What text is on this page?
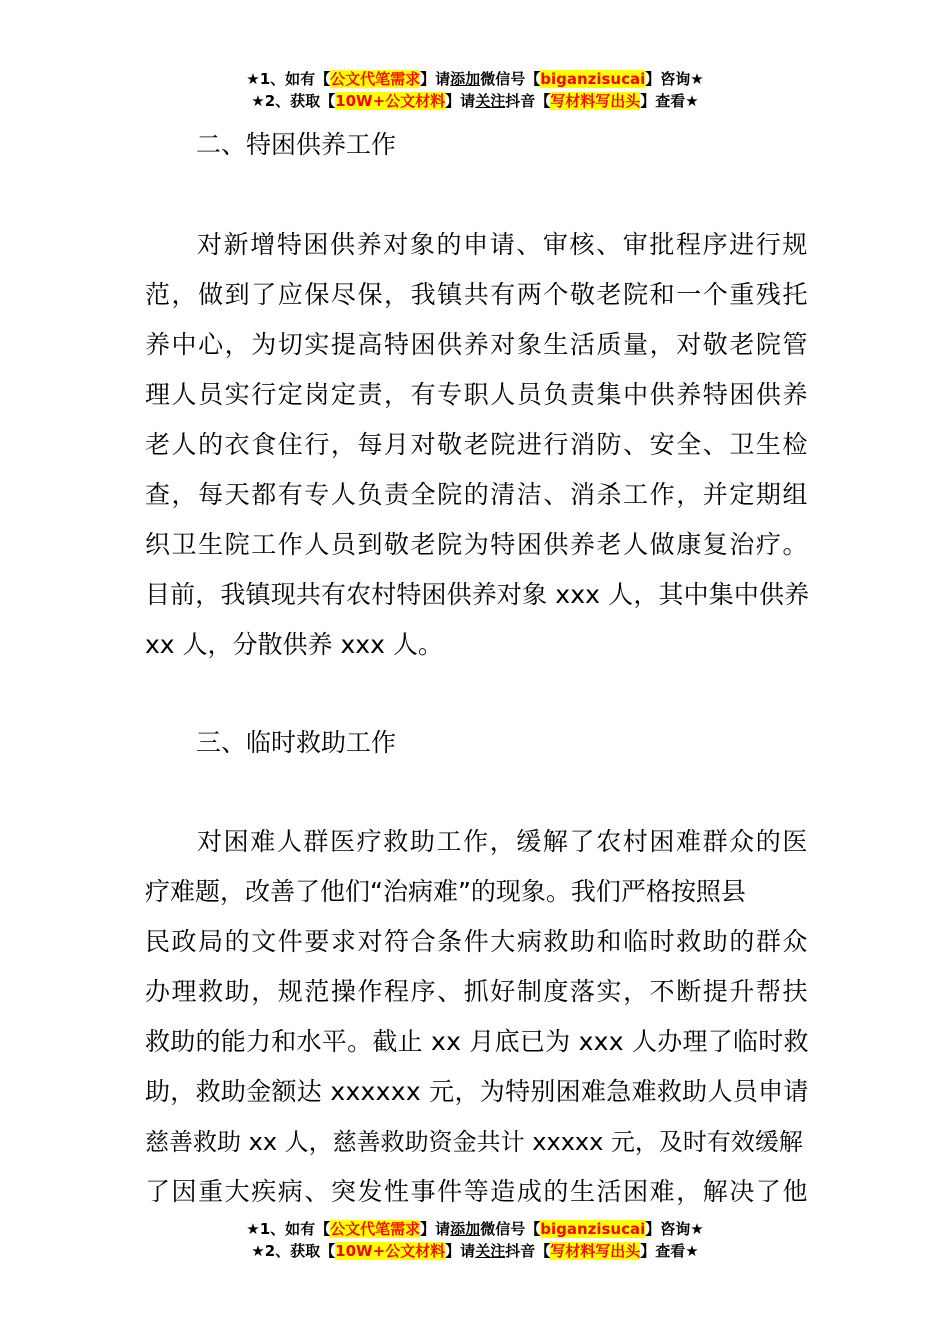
★1、如有【公文代笔需求】请添加微信号【biganzisucai】咨询★
★2、获取【10W+公文材料】请关注抖音【写材料写出头】查看★
二、特困供养工作
对新增特困供养对象的申请、审核、审批程序进行规
范，做到了应保尽保，我镇共有两个敬老院和一个重残托
养中心，为切实提高特困供养对象生活质量，对敬老院管
理人员实行定岗定责，有专职人员负责集中供养特困供养
老人的衣食住行，每月对敬老院进行消防、安全、卫生检
查，每天都有专人负责全院的清洁、消杀工作，并定期组
织卫生院工作人员到敬老院为特困供养老人做康复治疗。
目前，我镇现共有农村特困供养对象 xxx 人，其中集中供养
xx 人，分散供养 xxx 人。
三、临时救助工作
对困难人群医疗救助工作，缓解了农村困难群众的医
疗难题，改善了他们“治病难”的现象。我们严格按照县
民政局的文件要求对符合条件大病救助和临时救助的群众
办理救助，规范操作程序、抓好制度落实，不断提升帮扶
救助的能力和水平。截止 xx 月底已为 xxx 人办理了临时救
助，救助金额达 xxxxxx 元，为特别困难急难救助人员申请
慈善救助 xx 人，慈善救助资金共计 xxxxx 元，及时有效缓解
了因重大疾病、突发性事件等造成的生活困难，解决了他
★1、如有【公文代笔需求】请添加微信号【biganzisucai】咨询★
★2、获取【10W+公文材料】请关注抖音【写材料写出头】查看★
